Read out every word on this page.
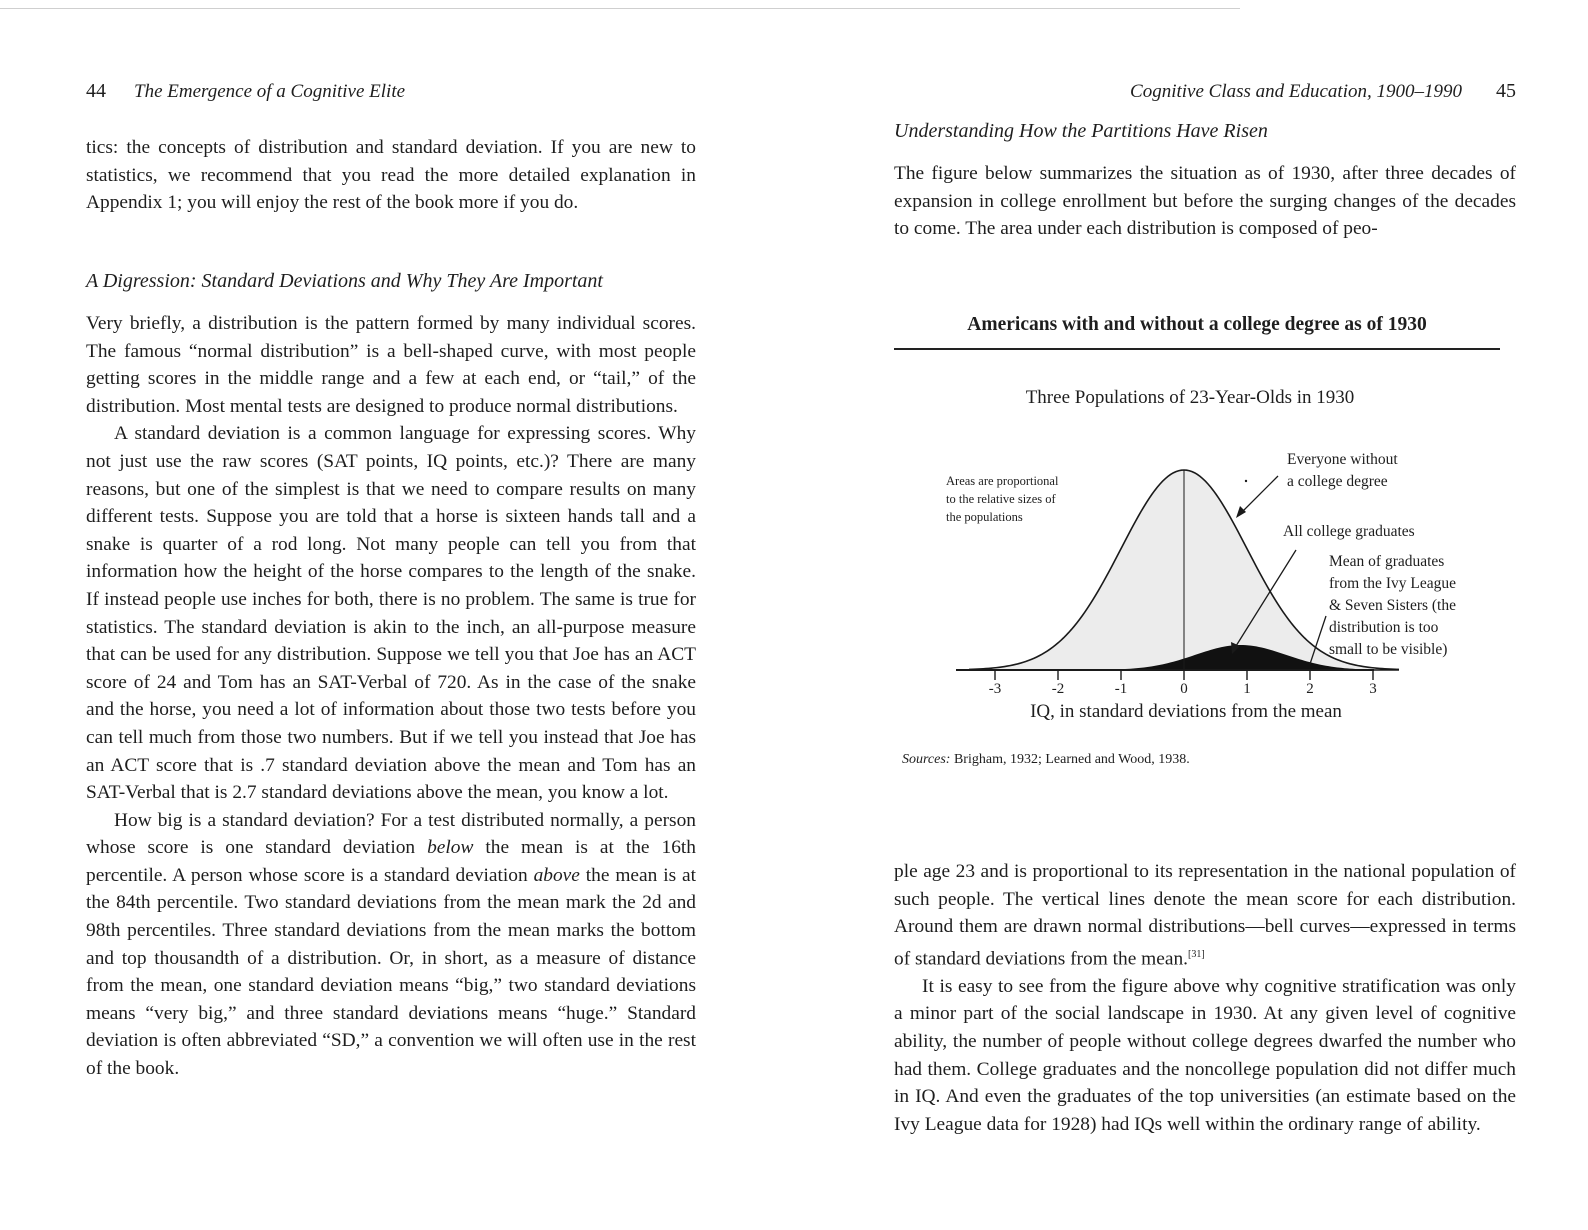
44 The Emergence of a Cognitive Elite

tics: the concepts of distribution and standard deviation. If you are new to statistics, we recommend that you read the more detailed explanation in Appendix 1; you will enjoy the rest of the book more if you do.

A Digression: Standard Deviations and Why They Are Important

Very briefly, a distribution is the pattern formed by many individual scores. The famous “normal distribution” is a bell-shaped curve, with most people getting scores in the middle range and a few at each end, or “tail,” of the distribution. Most mental tests are designed to produce normal distributions.

A standard deviation is a common language for expressing scores. Why not just use the raw scores (SAT points, IQ points, etc.)? There are many reasons, but one of the simplest is that we need to compare results on many different tests. Suppose you are told that a horse is sixteen hands tall and a snake is quarter of a rod long. Not many people can tell you from that information how the height of the horse compares to the length of the snake. If instead people use inches for both, there is no problem. The same is true for statistics. The standard deviation is akin to the inch, an all-purpose measure that can be used for any distribution. Suppose we tell you that Joe has an ACT score of 24 and Tom has an SAT-Verbal of 720. As in the case of the snake and the horse, you need a lot of information about those two tests before you can tell much from those two numbers. But if we tell you instead that Joe has an ACT score that is .7 standard deviation above the mean and Tom has an SAT-Verbal that is 2.7 standard deviations above the mean, you know a lot.

How big is a standard deviation? For a test distributed normally, a person whose score is one standard deviation below the mean is at the 16th percentile. A person whose score is a standard deviation above the mean is at the 84th percentile. Two standard deviations from the mean mark the 2d and 98th percentiles. Three standard deviations from the mean marks the bottom and top thousandth of a distribution. Or, in short, as a measure of distance from the mean, one standard deviation means “big,” two standard deviations means “very big,” and three standard deviations means “huge.” Standard deviation is often abbreviated “SD,” a convention we will often use in the rest of the book.

Cognitive Class and Education, 1900–1990 45

Understanding How the Partitions Have Risen

The figure below summarizes the situation as of 1930, after three decades of expansion in college enrollment but before the surging changes of the decades to come. The area under each distribution is composed of peo-

Americans with and without a college degree as of 1930
Three Populations of 23-Year-Olds in 1930
-3	-2	-1	0	1	2	3
Areas are proportional to the relative sizes of the populations
Everyone without a college degree
All college graduates
Mean of graduates from the Ivy League & Seven Sisters (the distribution is too small to be visible)
IQ, in standard deviations from the mean
Sources: Brigham, 1932; Learned and Wood, 1938.

ple age 23 and is proportional to its representation in the national population of such people. The vertical lines denote the mean score for each distribution. Around them are drawn normal distributions—bell curves—expressed in terms of standard deviations from the mean.[31]

It is easy to see from the figure above why cognitive stratification was only a minor part of the social landscape in 1930. At any given level of cognitive ability, the number of people without college degrees dwarfed the number who had them. College graduates and the noncollege population did not differ much in IQ. And even the graduates of the top universities (an estimate based on the Ivy League data for 1928) had IQs well within the ordinary range of ability.
